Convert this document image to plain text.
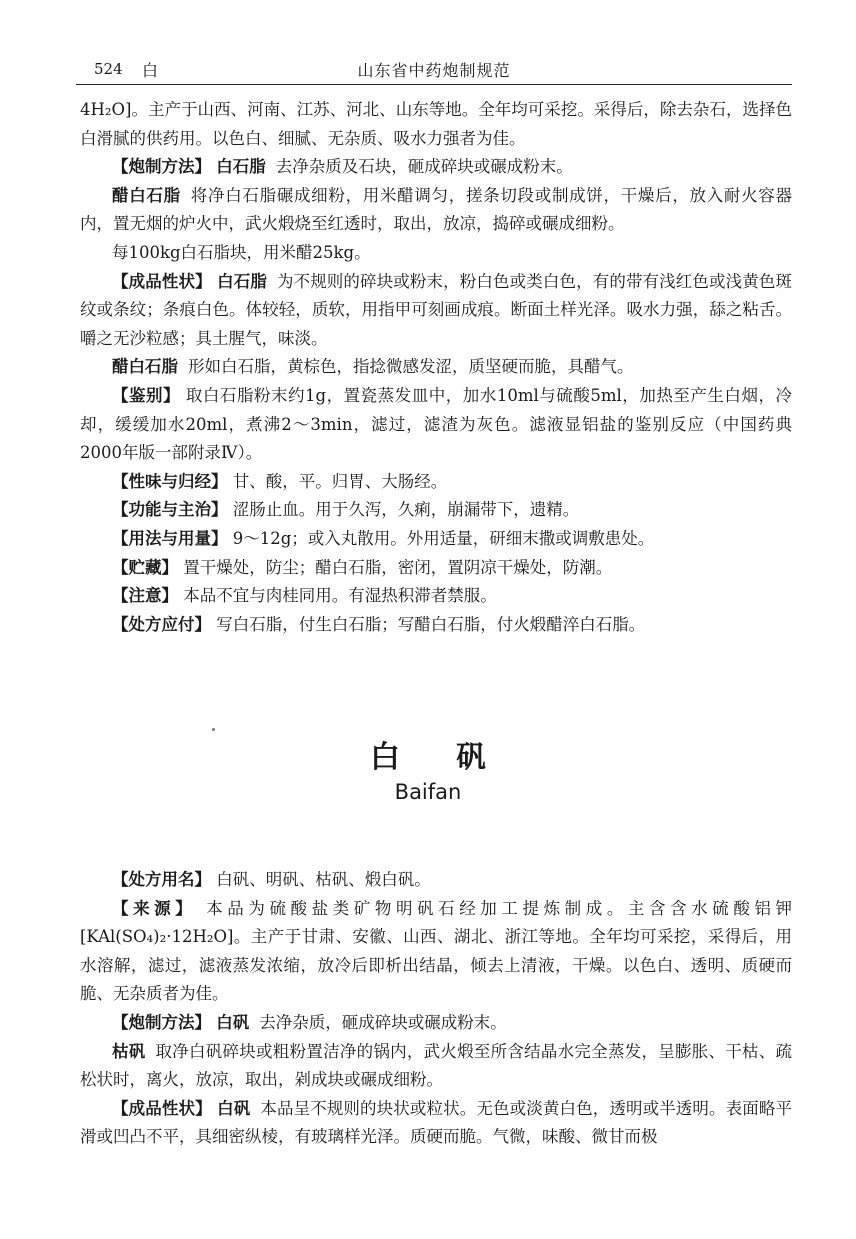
524 白	山东省中药炮制规范

4H₂O]。主产于山西、河南、江苏、河北、山东等地。全年均可采挖。采得后，除去杂石，选择色白滑腻的供药用。以色白、细腻、无杂质、吸水力强者为佳。

【炮制方法】 白石脂 去净杂质及石块，砸成碎块或碾成粉末。

醋白石脂 将净白石脂碾成细粉，用米醋调匀，搓条切段或制成饼，干燥后，放入耐火容器内，置无烟的炉火中，武火煅烧至红透时，取出，放凉，捣碎或碾成细粉。

每100kg白石脂块，用米醋25kg。

【成品性状】 白石脂 为不规则的碎块或粉末，粉白色或类白色，有的带有浅红色或浅黄色斑纹或条纹；条痕白色。体较轻，质软，用指甲可刻画成痕。断面土样光泽。吸水力强，舔之粘舌。嚼之无沙粒感；具土腥气，味淡。

醋白石脂 形如白石脂，黄棕色，指捻微感发涩，质坚硬而脆，具醋气。

【鉴别】 取白石脂粉末约1g，置瓷蒸发皿中，加水10ml与硫酸5ml，加热至产生白烟，冷却，缓缓加水20ml，煮沸2～3min，滤过，滤渣为灰色。滤液显铝盐的鉴别反应（中国药典2000年版一部附录Ⅳ）。

【性味与归经】 甘、酸，平。归胃、大肠经。

【功能与主治】 涩肠止血。用于久泻，久痢，崩漏带下，遗精。

【用法与用量】 9～12g；或入丸散用。外用适量，研细末撒或调敷患处。

【贮藏】 置干燥处，防尘；醋白石脂，密闭，置阴凉干燥处，防潮。

【注意】 本品不宜与肉桂同用。有湿热积滞者禁服。

【处方应付】 写白石脂，付生白石脂；写醋白石脂，付火煅醋淬白石脂。

白矾
Baifan

【处方用名】 白矾、明矾、枯矾、煅白矾。

【来源】 本品为硫酸盐类矿物明矾石经加工提炼制成。主含含水硫酸铝钾[KAl(SO₄)₂·12H₂O]。主产于甘肃、安徽、山西、湖北、浙江等地。全年均可采挖，采得后，用水溶解，滤过，滤液蒸发浓缩，放冷后即析出结晶，倾去上清液，干燥。以色白、透明、质硬而脆、无杂质者为佳。

【炮制方法】 白矾 去净杂质，砸成碎块或碾成粉末。

枯矾 取净白矾碎块或粗粉置洁净的锅内，武火煅至所含结晶水完全蒸发，呈膨胀、干枯、疏松状时，离火，放凉，取出，剁成块或碾成细粉。

【成品性状】 白矾 本品呈不规则的块状或粒状。无色或淡黄白色，透明或半透明。表面略平滑或凹凸不平，具细密纵棱，有玻璃样光泽。质硬而脆。气微，味酸、微甘而极
